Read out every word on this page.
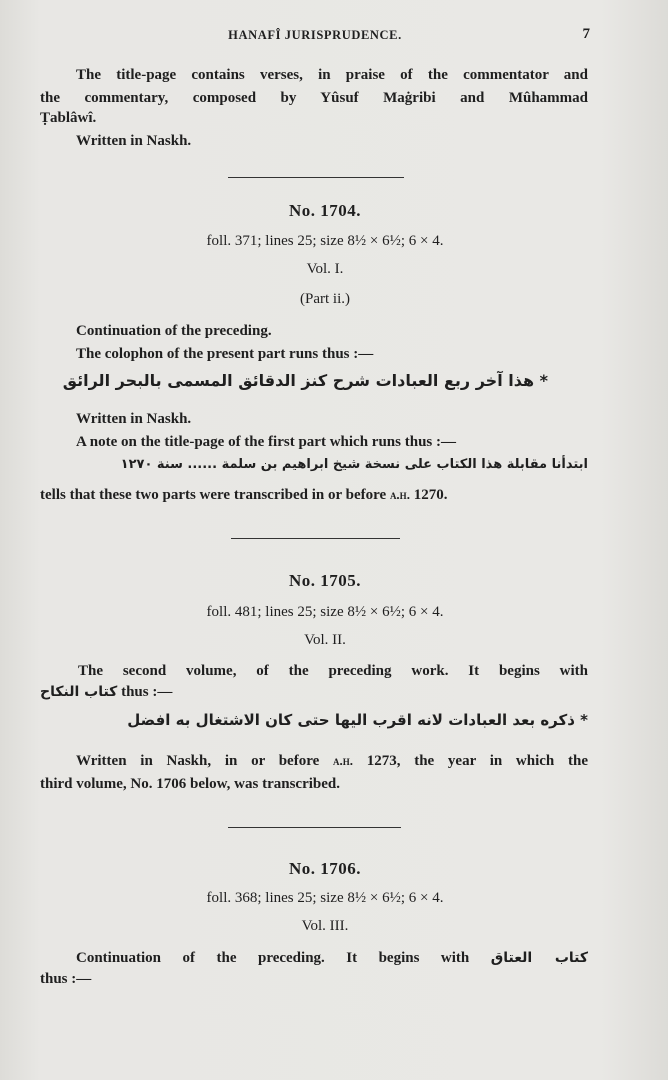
HANAFÎ JURISPRUDENCE.	7

The title-page contains verses, in praise of the commentator and

the commentary, composed by Yûsuf Maġribi and Mûhammad

Ṭablâwî.

Written in Naskh.

No. 1704.
foll. 371; lines 25; size 8½ × 6½; 6 × 4.
Vol. I.
(Part ii.)

Continuation of the preceding.

The colophon of the present part runs thus :—

* هذا آخر ربع العبادات شرح كنز الدقائق المسمى بالبحر الرائق

Written in Naskh.

A note on the title-page of the first part which runs thus :—

ابتدأنا مقابلة هذا الكتاب على نسخة شيخ ابراهيم بن سلمة ...... سنة ١٢٧٠

tells that these two parts were transcribed in or before a.h. 1270.

No. 1705.
foll. 481; lines 25; size 8½ × 6½; 6 × 4.
Vol. II.

The second volume, of the preceding work. It begins with

كتاب النكاح thus :—

* ذكره بعد العبادات لانه اقرب اليها حتى كان الاشتغال به افضل

Written in Naskh, in or before a.h. 1273, the year in which the

third volume, No. 1706 below, was transcribed.

No. 1706.
foll. 368; lines 25; size 8½ × 6½; 6 × 4.
Vol. III.

Continuation of the preceding. It begins with كتاب العتاق

thus :—
